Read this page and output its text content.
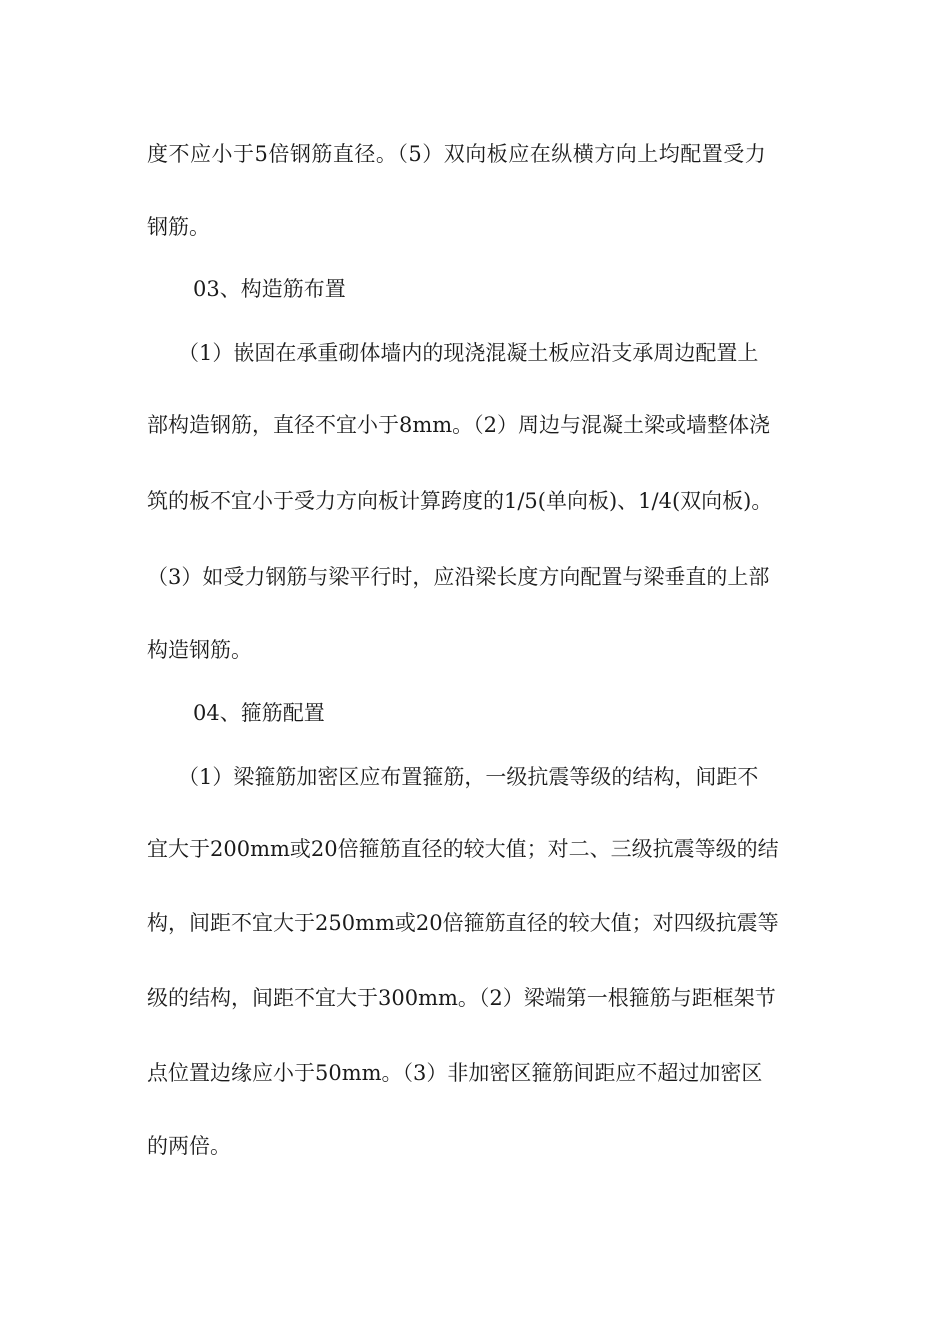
度不应小于5倍钢筋直径。（5）双向板应在纵横方向上均配置受力

钢筋。

03、构造筋布置

（1）嵌固在承重砌体墙内的现浇混凝土板应沿支承周边配置上

部构造钢筋，直径不宜小于8mm。（2）周边与混凝土梁或墙整体浇

筑的板不宜小于受力方向板计算跨度的1/5(单向板)、1/4(双向板)。

（3）如受力钢筋与梁平行时，应沿梁长度方向配置与梁垂直的上部

构造钢筋。

04、箍筋配置

（1）梁箍筋加密区应布置箍筋，一级抗震等级的结构，间距不

宜大于200mm或20倍箍筋直径的较大值；对二、三级抗震等级的结

构，间距不宜大于250mm或20倍箍筋直径的较大值；对四级抗震等

级的结构，间距不宜大于300mm。（2）梁端第一根箍筋与距框架节

点位置边缘应小于50mm。（3）非加密区箍筋间距应不超过加密区

的两倍。
